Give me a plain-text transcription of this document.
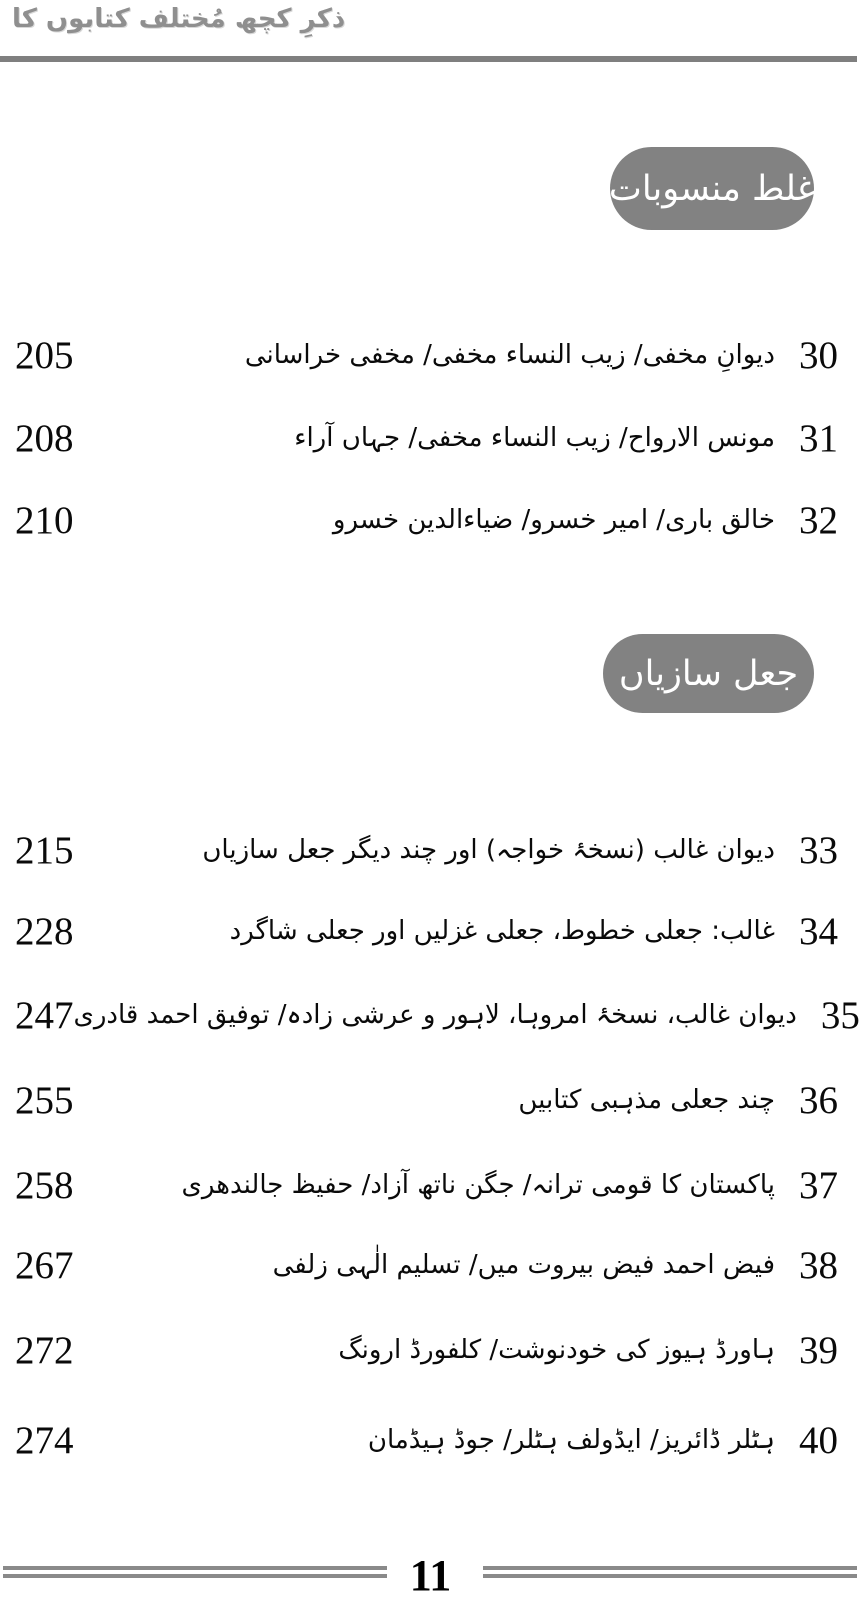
ذکرِ کچھ مُختلف کتابوں کا
غلط منسوبات
205	دیوانِ مخفی/ زیب النساء مخفی/ مخفی خراسانی 30
208	مونس الارواح/ زیب النساء مخفی/ جہاں آراء 31
210	خالق باری/ امیر خسرو/ ضیاءالدین خسرو 32
جعل سازیاں
215	دیوان غالب (نسخۂ خواجہ) اور چند دیگر جعل سازیاں 33
228	غالب: جعلی خطوط، جعلی غزلیں اور جعلی شاگرد 34
247 دیوان غالب، نسخۂ امروہا، لاہور و عرشی زادہ/ توفیق احمد قادری 35
255	چند جعلی مذہبی کتابیں 36
258	پاکستان کا قومی ترانہ/ جگن ناتھ آزاد/ حفیظ جالندھری 37
267	فیض احمد فیض بیروت میں/ تسلیم الٰہی زلفی 38
272	ہاورڈ ہیوز کی خودنوشت/ کلفورڈ ارونگ 39
274	ہٹلر ڈائریز/ ایڈولف ہٹلر/ جوڈ ہیڈمان 40
11
